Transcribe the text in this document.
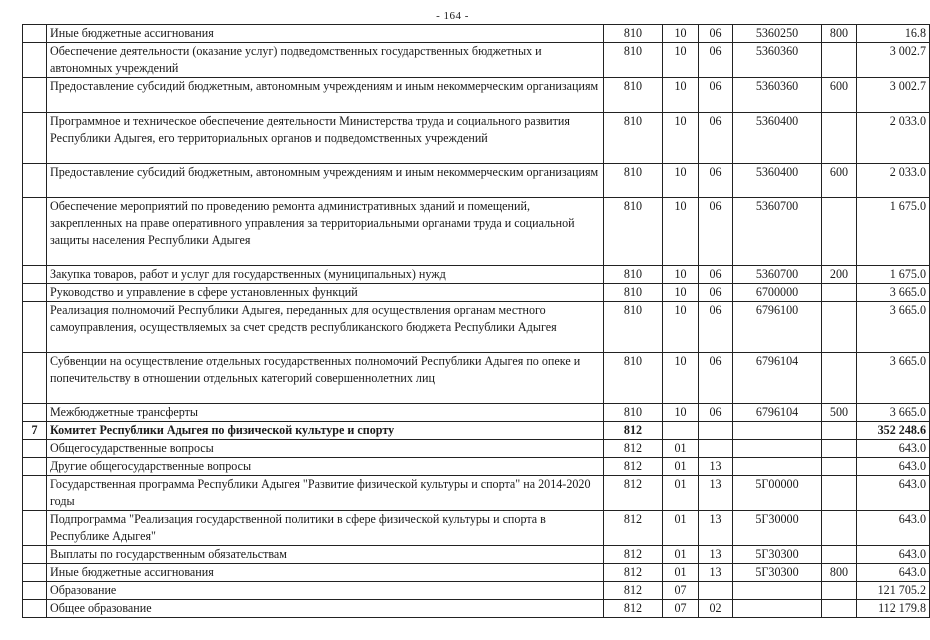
- 164 -
	Иные бюджетные ассигнования	810	10	06	5360250	800	16.8
	Обеспечение деятельности (оказание услуг) подведомственных государственных бюджетных и автономных учреждений	810	10	06	5360360		3 002.7
	Предоставление субсидий бюджетным, автономным учреждениям и иным некоммерческим организациям	810	10	06	5360360	600	3 002.7
	Программное и техническое обеспечение деятельности Министерства труда и социального развития Республики Адыгея, его территориальных органов и подведомственных учреждений	810	10	06	5360400		2 033.0
	Предоставление субсидий бюджетным, автономным учреждениям и иным некоммерческим организациям	810	10	06	5360400	600	2 033.0
	Обеспечение мероприятий по проведению ремонта административных зданий и помещений, закрепленных на праве оперативного управления за территориальными органами труда и социальной защиты населения Республики Адыгея	810	10	06	5360700		1 675.0
	Закупка товаров, работ и услуг для государственных (муниципальных) нужд	810	10	06	5360700	200	1 675.0
	Руководство и управление в сфере установленных функций	810	10	06	6700000		3 665.0
	Реализация полномочий Республики Адыгея, переданных для осуществления органам местного самоуправления, осуществляемых за счет средств республиканского бюджета Республики Адыгея	810	10	06	6796100		3 665.0
	Субвенции на осуществление отдельных государственных полномочий Республики Адыгея по опеке и попечительству в отношении отдельных категорий совершеннолетних лиц	810	10	06	6796104		3 665.0
	Межбюджетные трансферты	810	10	06	6796104	500	3 665.0
7	Комитет Республики Адыгея по физической культуре и спорту	812					352 248.6
	Общегосударственные вопросы	812	01				643.0
	Другие общегосударственные вопросы	812	01	13			643.0
	Государственная программа Республики Адыгея "Развитие физической культуры и спорта" на 2014-2020 годы	812	01	13	5Г00000		643.0
	Подпрограмма "Реализация государственной политики в сфере физической культуры и спорта в Республике Адыгея"	812	01	13	5Г30000		643.0
	Выплаты по государственным обязательствам	812	01	13	5Г30300		643.0
	Иные бюджетные ассигнования	812	01	13	5Г30300	800	643.0
	Образование	812	07				121 705.2
	Общее образование	812	07	02			112 179.8
